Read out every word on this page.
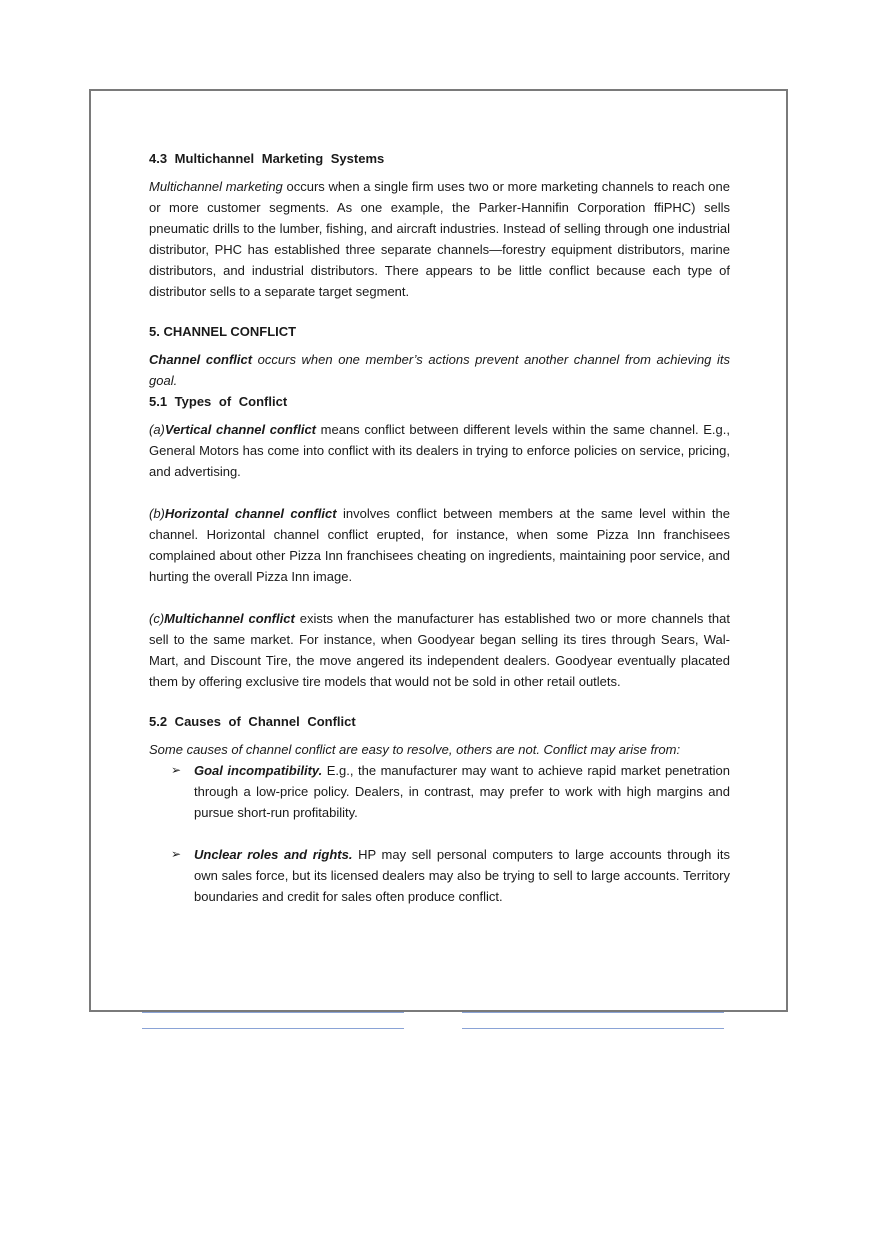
4.3 Multichannel Marketing Systems

Multichannel marketing occurs when a single firm uses two or more marketing channels to reach one or more customer segments. As one example, the Parker-Hannifin Corporation ffiPHC) sells pneumatic drills to the lumber, fishing, and aircraft industries. Instead of selling through one industrial distributor, PHC has established three separate channels—forestry equipment distributors, marine distributors, and industrial distributors. There appears to be little conflict because each type of distributor sells to a separate target segment.

5. CHANNEL CONFLICT

Channel conflict occurs when one member’s actions prevent another channel from achieving its goal.

5.1 Types of Conflict

(a)Vertical channel conflict means conflict between different levels within the same channel. E.g., General Motors has come into conflict with its dealers in trying to enforce policies on service, pricing, and advertising.

(b)Horizontal channel conflict involves conflict between members at the same level within the channel. Horizontal channel conflict erupted, for instance, when some Pizza Inn franchisees complained about other Pizza Inn franchisees cheating on ingredients, maintaining poor service, and hurting the overall Pizza Inn image.

(c)Multichannel conflict exists when the manufacturer has established two or more channels that sell to the same market. For instance, when Goodyear began selling its tires through Sears, Wal-Mart, and Discount Tire, the move angered its independent dealers. Goodyear eventually placated them by offering exclusive tire models that would not be sold in other retail outlets.

5.2 Causes of Channel Conflict

Some causes of channel conflict are easy to resolve, others are not. Conflict may arise from:

➢ Goal incompatibility. E.g., the manufacturer may want to achieve rapid market penetration through a low-price policy. Dealers, in contrast, may prefer to work with high margins and pursue short-run profitability.
➢ Unclear roles and rights. HP may sell personal computers to large accounts through its own sales force, but its licensed dealers may also be trying to sell to large accounts. Territory boundaries and credit for sales often produce conflict.
